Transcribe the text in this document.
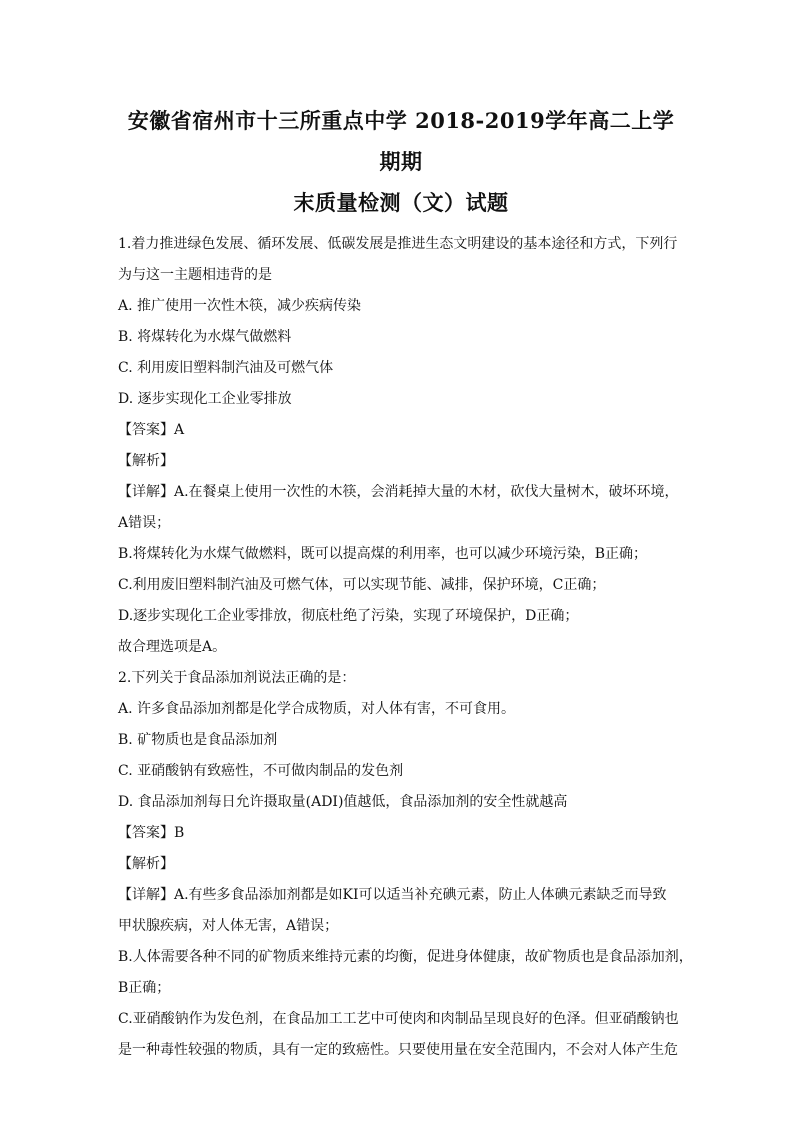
安徽省宿州市十三所重点中学 2018-2019学年高二上学期期
末质量检测（文）试题
1.着力推进绿色发展、循环发展、低碳发展是推进生态文明建设的基本途径和方式，下列行
为与这一主题相违背的是
A. 推广使用一次性木筷，减少疾病传染
B. 将煤转化为水煤气做燃料
C. 利用废旧塑料制汽油及可燃气体
D. 逐步实现化工企业零排放
【答案】A
【解析】
【详解】A.在餐桌上使用一次性的木筷，会消耗掉大量的木材，砍伐大量树木，破坏环境，
A错误；
B.将煤转化为水煤气做燃料，既可以提高煤的利用率，也可以减少环境污染，B正确；
C.利用废旧塑料制汽油及可燃气体，可以实现节能、减排，保护环境，C正确；
D.逐步实现化工企业零排放，彻底杜绝了污染，实现了环境保护，D正确；
故合理选项是A。
2.下列关于食品添加剂说法正确的是：
A. 许多食品添加剂都是化学合成物质，对人体有害，不可食用。
B. 矿物质也是食品添加剂
C. 亚硝酸钠有致癌性，不可做肉制品的发色剂
D. 食品添加剂每日允许摄取量(ADI)值越低，食品添加剂的安全性就越高
【答案】B
【解析】
【详解】A.有些多食品添加剂都是如KI可以适当补充碘元素，防止人体碘元素缺乏而导致
甲状腺疾病，对人体无害，A错误；
B.人体需要各种不同的矿物质来维持元素的均衡，促进身体健康，故矿物质也是食品添加剂，
B正确；
C.亚硝酸钠作为发色剂，在食品加工工艺中可使肉和肉制品呈现良好的色泽。但亚硝酸钠也
是一种毒性较强的物质，具有一定的致癌性。只要使用量在安全范围内，不会对人体产生危
